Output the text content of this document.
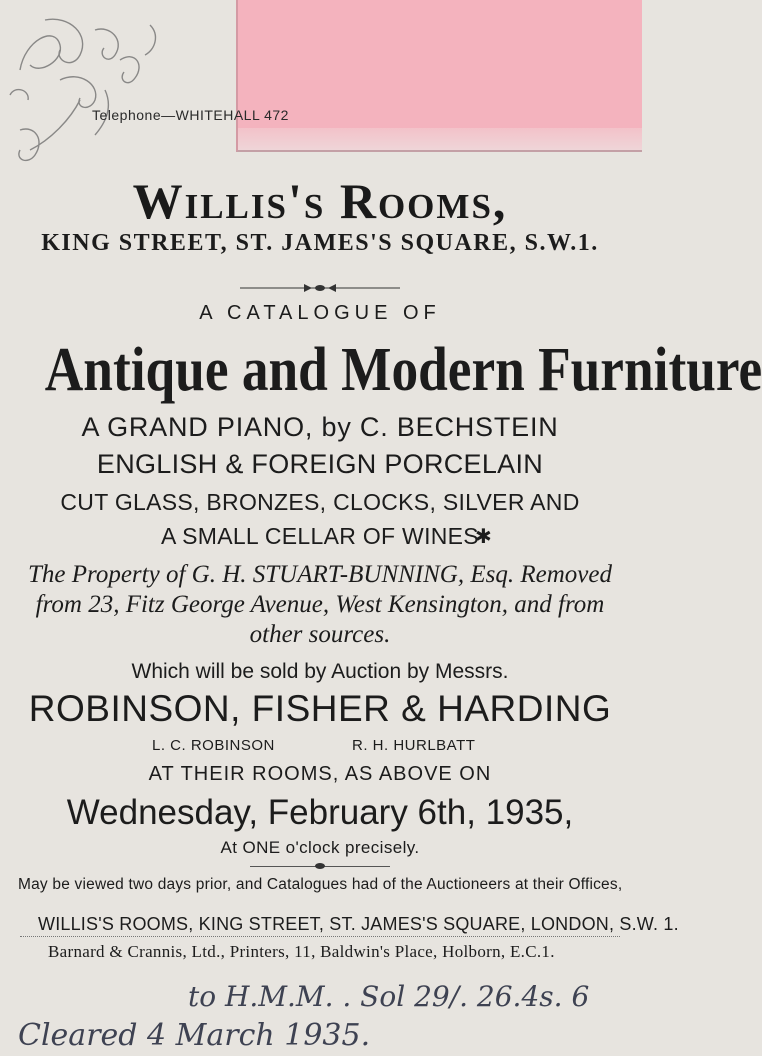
Telephone—WHITEHALL 472
Willis's Rooms,
KING STREET, ST. JAMES'S SQUARE, S.W.1.
A CATALOGUE OF
Antique and Modern Furniture
A GRAND PIANO, by C. BECHSTEIN
ENGLISH & FOREIGN PORCELAIN
CUT GLASS, BRONZES, CLOCKS, SILVER AND
A SMALL CELLAR OF WINES
✱
The Property of G. H. STUART-BUNNING, Esq. Removed from 23, Fitz George Avenue, West Kensington, and from other sources.
Which will be sold by Auction by Messrs.
ROBINSON, FISHER & HARDING
L. C. ROBINSON	R. H. HURLBATT
AT THEIR ROOMS, AS ABOVE ON
Wednesday, February 6th, 1935,
At ONE o'clock precisely.
May be viewed two days prior, and Catalogues had of the Auctioneers at their Offices,
WILLIS'S ROOMS, KING STREET, ST. JAMES'S SQUARE, LONDON, S.W. 1.
Barnard & Crannis, Ltd., Printers, 11, Baldwin's Place, Holborn, E.C.1.
to H.M.M. . Sol 29/. 26.4s. 6
Cleared 4 March 1935.
